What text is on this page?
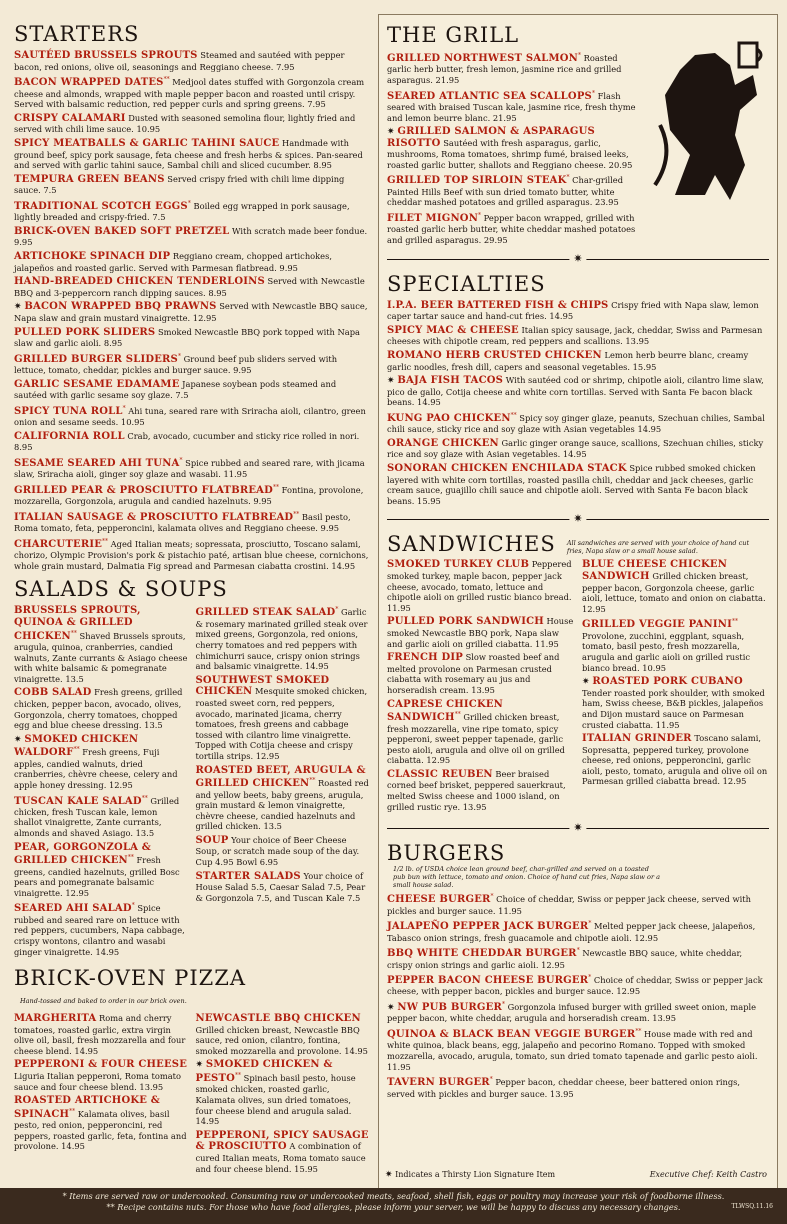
STARTERS

SAUTÉED BRUSSELS SPROUTS Steamed and sautéed with pepper bacon, red onions, olive oil, seasonings and Reggiano cheese. 7.95

BACON WRAPPED DATES** Medjool dates stuffed with Gorgonzola cream cheese and almonds, wrapped with maple pepper bacon and roasted until crispy. Served with balsamic reduction, red pepper curls and spring greens. 7.95

CRISPY CALAMARI Dusted with seasoned semolina flour, lightly fried and served with chili lime sauce. 10.95

SPICY MEATBALLS & GARLIC TAHINI SAUCE Handmade with ground beef, spicy pork sausage, feta cheese and fresh herbs & spices. Pan-seared and served with garlic tahini sauce, Sambal chili and sliced cucumber. 8.95

TEMPURA GREEN BEANS Served crispy fried with chili lime dipping sauce. 7.5

TRADITIONAL SCOTCH EGGS* Boiled egg wrapped in pork sausage, lightly breaded and crispy-fried. 7.5

BRICK-OVEN BAKED SOFT PRETZEL With scratch made beer fondue. 9.95

ARTICHOKE SPINACH DIP Reggiano cream, chopped artichokes, jalapeños and roasted garlic. Served with Parmesan flatbread. 9.95

HAND-BREADED CHICKEN TENDERLOINS Served with Newcastle BBQ and 3-peppercorn ranch dipping sauces. 8.95

✷ BACON WRAPPED BBQ PRAWNS Served with Newcastle BBQ sauce, Napa slaw and grain mustard vinaigrette. 12.95

PULLED PORK SLIDERS Smoked Newcastle BBQ pork topped with Napa slaw and garlic aioli. 8.95

GRILLED BURGER SLIDERS* Ground beef pub sliders served with lettuce, tomato, cheddar, pickles and burger sauce. 9.95

GARLIC SESAME EDAMAME Japanese soybean pods steamed and sautéed with garlic sesame soy glaze. 7.5

SPICY TUNA ROLL* Ahi tuna, seared rare with Sriracha aioli, cilantro, green onion and sesame seeds. 10.95

CALIFORNIA ROLL Crab, avocado, cucumber and sticky rice rolled in nori. 8.95

SESAME SEARED AHI TUNA* Spice rubbed and seared rare, with jicama slaw, Sriracha aioli, ginger soy glaze and wasabi. 11.95

GRILLED PEAR & PROSCIUTTO FLATBREAD** Fontina, provolone, mozzarella, Gorgonzola, arugula and candied hazelnuts. 9.95

ITALIAN SAUSAGE & PROSCIUTTO FLATBREAD** Basil pesto, Roma tomato, feta, pepperoncini, kalamata olives and Reggiano cheese. 9.95

CHARCUTERIE** Aged Italian meats; sopressata, prosciutto, Toscano salami, chorizo, Olympic Provision's pork & pistachio paté, artisan blue cheese, cornichons, whole grain mustard, Dalmatia Fig spread and Parmesan ciabatta crostini. 14.95

SALADS & SOUPS

BRUSSELS SPROUTS, QUINOA & GRILLED CHICKEN** Shaved Brussels sprouts, arugula, quinoa, cranberries, candied walnuts, Zante currants & Asiago cheese with white balsamic & pomegranate vinaigrette. 13.5

COBB SALAD Fresh greens, grilled chicken, pepper bacon, avocado, olives, Gorgonzola, cherry tomatoes, chopped egg and blue cheese dressing. 13.5

✷ SMOKED CHICKEN WALDORF** Fresh greens, Fuji apples, candied walnuts, dried cranberries, chèvre cheese, celery and apple honey dressing. 12.95

TUSCAN KALE SALAD** Grilled chicken, fresh Tuscan kale, lemon shallot vinaigrette, Zante currants, almonds and shaved Asiago. 13.5

PEAR, GORGONZOLA & GRILLED CHICKEN** Fresh greens, candied hazelnuts, grilled Bosc pears and pomegranate balsamic vinaigrette. 12.95

SEARED AHI SALAD* Spice rubbed and seared rare on lettuce with red peppers, cucumbers, Napa cabbage, crispy wontons, cilantro and wasabi ginger vinaigrette. 14.95

GRILLED STEAK SALAD* Garlic & rosemary marinated grilled steak over mixed greens, Gorgonzola, red onions, cherry tomatoes and red peppers with chimichurri sauce, crispy onion strings and balsamic vinaigrette. 14.95

SOUTHWEST SMOKED CHICKEN Mesquite smoked chicken, roasted sweet corn, red peppers, avocado, marinated jicama, cherry tomatoes, fresh greens and cabbage tossed with cilantro lime vinaigrette. Topped with Cotija cheese and crispy tortilla strips. 12.95

ROASTED BEET, ARUGULA & GRILLED CHICKEN** Roasted red and yellow beets, baby greens, arugula, grain mustard & lemon vinaigrette, chèvre cheese, candied hazelnuts and grilled chicken. 13.5

SOUP Your choice of Beer Cheese Soup, or scratch made soup of the day. Cup 4.95 Bowl 6.95

STARTER SALADS Your choice of House Salad 5.5, Caesar Salad 7.5, Pear & Gorgonzola 7.5, and Tuscan Kale 7.5

BRICK-OVEN PIZZA Hand-tossed and baked to order in our brick oven.

MARGHERITA Roma and cherry tomatoes, roasted garlic, extra virgin olive oil, basil, fresh mozzarella and four cheese blend. 14.95

PEPPERONI & FOUR CHEESE Liguria Italian pepperoni, Roma tomato sauce and four cheese blend. 13.95

ROASTED ARTICHOKE & SPINACH** Kalamata olives, basil pesto, red onion, pepperoncini, red peppers, roasted garlic, feta, fontina and provolone. 14.95

NEWCASTLE BBQ CHICKEN Grilled chicken breast, Newcastle BBQ sauce, red onion, cilantro, fontina, smoked mozzarella and provolone. 14.95

✷ SMOKED CHICKEN & PESTO** Spinach basil pesto, house smoked chicken, roasted garlic, Kalamata olives, sun dried tomatoes, four cheese blend and arugula salad. 14.95

PEPPERONI, SPICY SAUSAGE & PROSCIUTTO A combination of cured Italian meats, Roma tomato sauce and four cheese blend. 15.95

THE GRILL

GRILLED NORTHWEST SALMON* Roasted garlic herb butter, fresh lemon, jasmine rice and grilled asparagus. 21.95

SEARED ATLANTIC SEA SCALLOPS* Flash seared with braised Tuscan kale, jasmine rice, fresh thyme and lemon beurre blanc. 21.95

✷ GRILLED SALMON & ASPARAGUS RISOTTO Sautéed with fresh asparagus, garlic, mushrooms, Roma tomatoes, shrimp fumé, braised leeks, roasted garlic butter, shallots and Reggiano cheese. 20.95

GRILLED TOP SIRLOIN STEAK* Char-grilled Painted Hills Beef with sun dried tomato butter, white cheddar mashed potatoes and grilled asparagus. 23.95

FILET MIGNON* Pepper bacon wrapped, grilled with roasted garlic herb butter, white cheddar mashed potatoes and grilled asparagus. 29.95

✷
SPECIALTIES

I.P.A. BEER BATTERED FISH & CHIPS Crispy fried with Napa slaw, lemon caper tartar sauce and hand-cut fries. 14.95

SPICY MAC & CHEESE Italian spicy sausage, jack, cheddar, Swiss and Parmesan cheeses with chipotle cream, red peppers and scallions. 13.95

ROMANO HERB CRUSTED CHICKEN Lemon herb beurre blanc, creamy garlic noodles, fresh dill, capers and seasonal vegetables. 15.95

✷ BAJA FISH TACOS With sautéed cod or shrimp, chipotle aioli, cilantro lime slaw, pico de gallo, Cotija cheese and white corn tortillas. Served with Santa Fe bacon black beans. 14.95

KUNG PAO CHICKEN** Spicy soy ginger glaze, peanuts, Szechuan chilies, Sambal chili sauce, sticky rice and soy glaze with Asian vegetables 14.95

ORANGE CHICKEN Garlic ginger orange sauce, scallions, Szechuan chilies, sticky rice and soy glaze with Asian vegetables. 14.95

SONORAN CHICKEN ENCHILADA STACK Spice rubbed smoked chicken layered with white corn tortillas, roasted pasilla chili, cheddar and jack cheeses, garlic cream sauce, guajillo chili sauce and chipotle aioli. Served with Santa Fe bacon black beans. 15.95

✷
SANDWICHES All sandwiches are served with your choice of hand cut fries, Napa slaw or a small house salad.

SMOKED TURKEY CLUB Peppered smoked turkey, maple bacon, pepper jack cheese, avocado, tomato, lettuce and chipotle aioli on grilled rustic bianco bread. 11.95

PULLED PORK SANDWICH House smoked Newcastle BBQ pork, Napa slaw and garlic aioli on grilled ciabatta. 11.95

FRENCH DIP Slow roasted beef and melted provolone on Parmesan crusted ciabatta with rosemary au jus and horseradish cream. 13.95

CAPRESE CHICKEN SANDWICH** Grilled chicken breast, fresh mozzarella, vine ripe tomato, spicy pepperoni, sweet pepper tapenade, garlic pesto aioli, arugula and olive oil on grilled ciabatta. 12.95

CLASSIC REUBEN Beer braised corned beef brisket, peppered sauerkraut, melted Swiss cheese and 1000 island, on grilled rustic rye. 13.95

BLUE CHEESE CHICKEN SANDWICH Grilled chicken breast, pepper bacon, Gorgonzola cheese, garlic aioli, lettuce, tomato and onion on ciabatta. 12.95

GRILLED VEGGIE PANINI** Provolone, zucchini, eggplant, squash, tomato, basil pesto, fresh mozzarella, arugula and garlic aioli on grilled rustic bianco bread. 10.95

✷ ROASTED PORK CUBANO Tender roasted pork shoulder, with smoked ham, Swiss cheese, B&B pickles, jalapeños and Dijon mustard sauce on Parmesan crusted ciabatta. 11.95

ITALIAN GRINDER Toscano salami, Sopresatta, peppered turkey, provolone cheese, red onions, pepperoncini, garlic aioli, pesto, tomato, arugula and olive oil on Parmesan grilled ciabatta bread. 12.95

✷
BURGERS 1/2 lb. of USDA choice lean ground beef, char-grilled and served on a toasted pub bun with lettuce, tomato and onion. Choice of hand cut fries, Napa slaw or a small house salad.

CHEESE BURGER* Choice of cheddar, Swiss or pepper jack cheese, served with pickles and burger sauce. 11.95

JALAPEÑO PEPPER JACK BURGER* Melted pepper jack cheese, jalapeños, Tabasco onion strings, fresh guacamole and chipotle aioli. 12.95

BBQ WHITE CHEDDAR BURGER* Newcastle BBQ sauce, white cheddar, crispy onion strings and garlic aioli. 12.95

PEPPER BACON CHEESE BURGER* Choice of cheddar, Swiss or pepper jack cheese, with pepper bacon, pickles and burger sauce. 12.95

✷ NW PUB BURGER* Gorgonzola infused burger with grilled sweet onion, maple pepper bacon, white cheddar, arugula and horseradish cream. 13.95

QUINOA & BLACK BEAN VEGGIE BURGER** House made with red and white quinoa, black beans, egg, jalapeño and pecorino Romano. Topped with smoked mozzarella, avocado, arugula, tomato, sun dried tomato tapenade and garlic pesto aioli. 11.95

TAVERN BURGER* Pepper bacon, cheddar cheese, beer battered onion rings, served with pickles and burger sauce. 13.95

✷ Indicates a Thirsty Lion Signature Item	Executive Chef: Keith Castro
* Items are served raw or undercooked. Consuming raw or undercooked meats, seafood, shell fish, eggs or poultry may increase your risk of foodborne illness.
** Recipe contains nuts. For those who have food allergies, please inform your server, we will be happy to discuss any necessary changes.	TLWSQ.11.16
